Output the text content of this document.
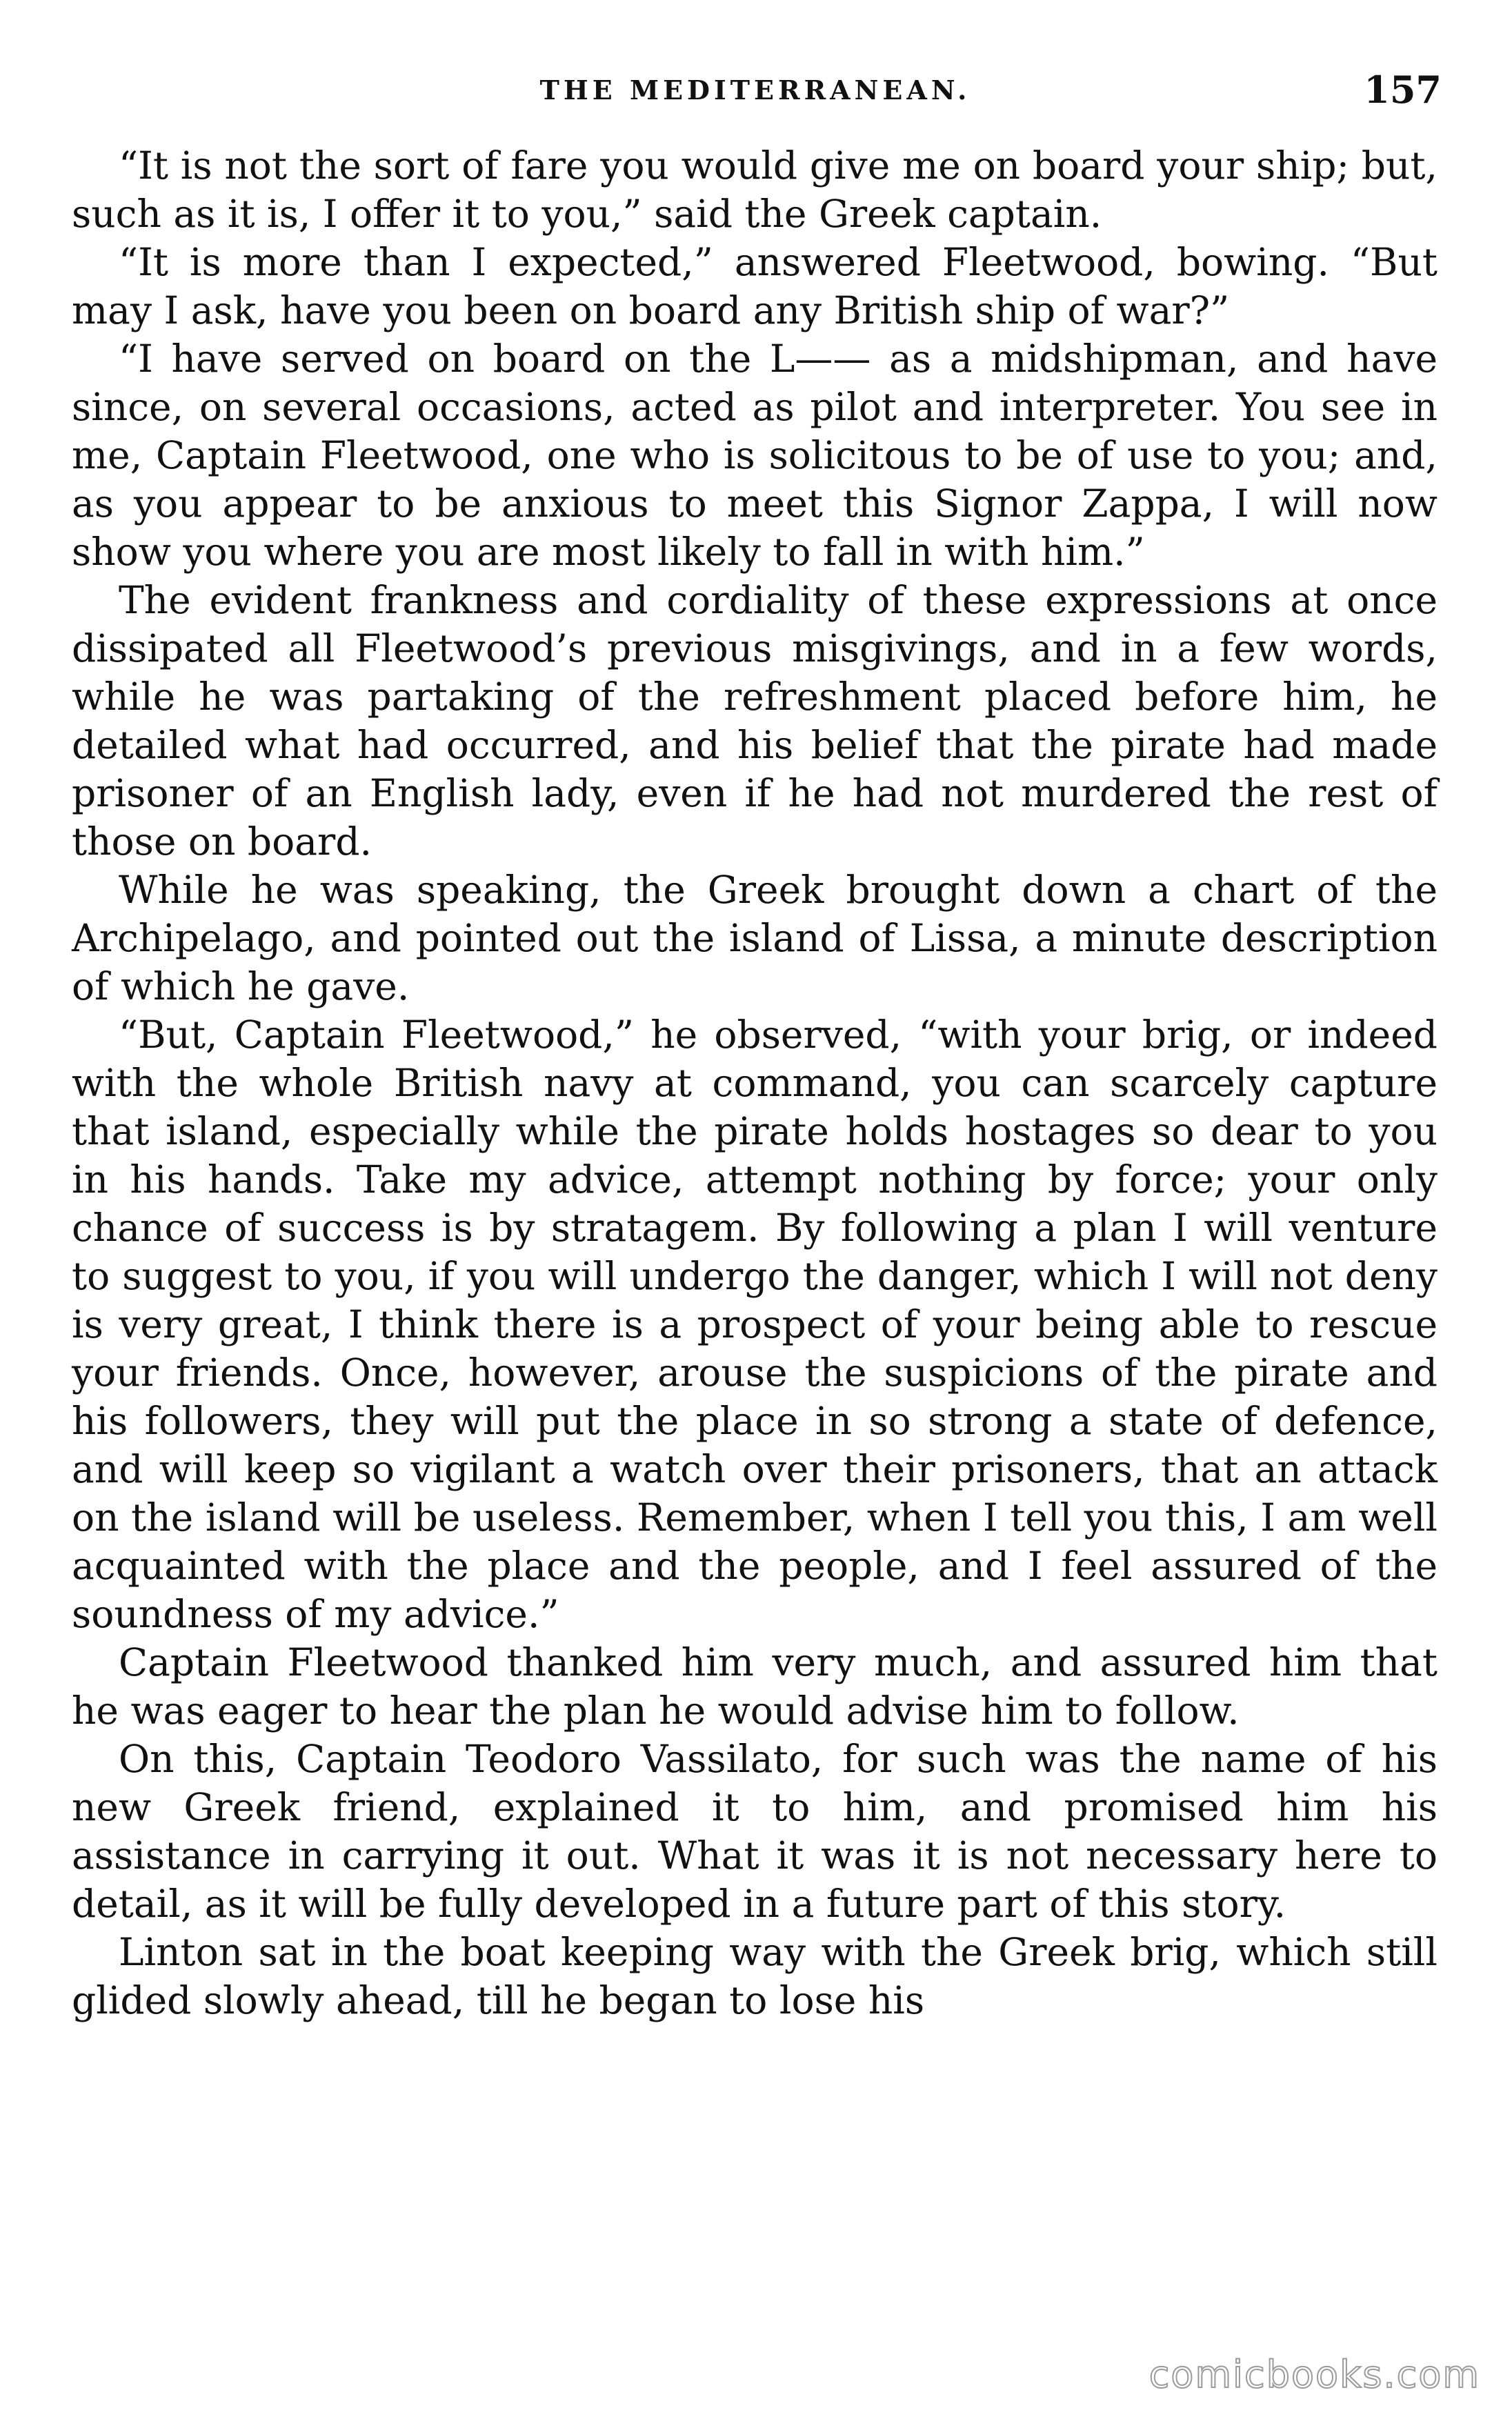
THE MEDITERRANEAN.	157

“It is not the sort of fare you would give me on board your ship; but, such as it is, I offer it to you,” said the Greek captain.

“It is more than I expected,” answered Fleetwood, bowing. “But may I ask, have you been on board any British ship of war?”

“I have served on board on the L—— as a midshipman, and have since, on several occasions, acted as pilot and interpreter. You see in me, Captain Fleetwood, one who is solicitous to be of use to you; and, as you appear to be anxious to meet this Signor Zappa, I will now show you where you are most likely to fall in with him.”

The evident frankness and cordiality of these expressions at once dissipated all Fleetwood’s previous misgivings, and in a few words, while he was partaking of the refreshment placed before him, he detailed what had occurred, and his belief that the pirate had made prisoner of an English lady, even if he had not murdered the rest of those on board.

While he was speaking, the Greek brought down a chart of the Archipelago, and pointed out the island of Lissa, a minute description of which he gave.

“But, Captain Fleetwood,” he observed, “with your brig, or indeed with the whole British navy at command, you can scarcely capture that island, especially while the pirate holds hostages so dear to you in his hands. Take my advice, attempt nothing by force; your only chance of success is by stratagem. By following a plan I will venture to suggest to you, if you will undergo the danger, which I will not deny is very great, I think there is a prospect of your being able to rescue your friends. Once, however, arouse the suspicions of the pirate and his followers, they will put the place in so strong a state of defence, and will keep so vigilant a watch over their prisoners, that an attack on the island will be useless. Remember, when I tell you this, I am well acquainted with the place and the people, and I feel assured of the soundness of my advice.”

Captain Fleetwood thanked him very much, and assured him that he was eager to hear the plan he would advise him to follow.

On this, Captain Teodoro Vassilato, for such was the name of his new Greek friend, explained it to him, and promised him his assistance in carrying it out. What it was it is not necessary here to detail, as it will be fully developed in a future part of this story.

Linton sat in the boat keeping way with the Greek brig, which still glided slowly ahead, till he began to lose his

comicbooks.com
